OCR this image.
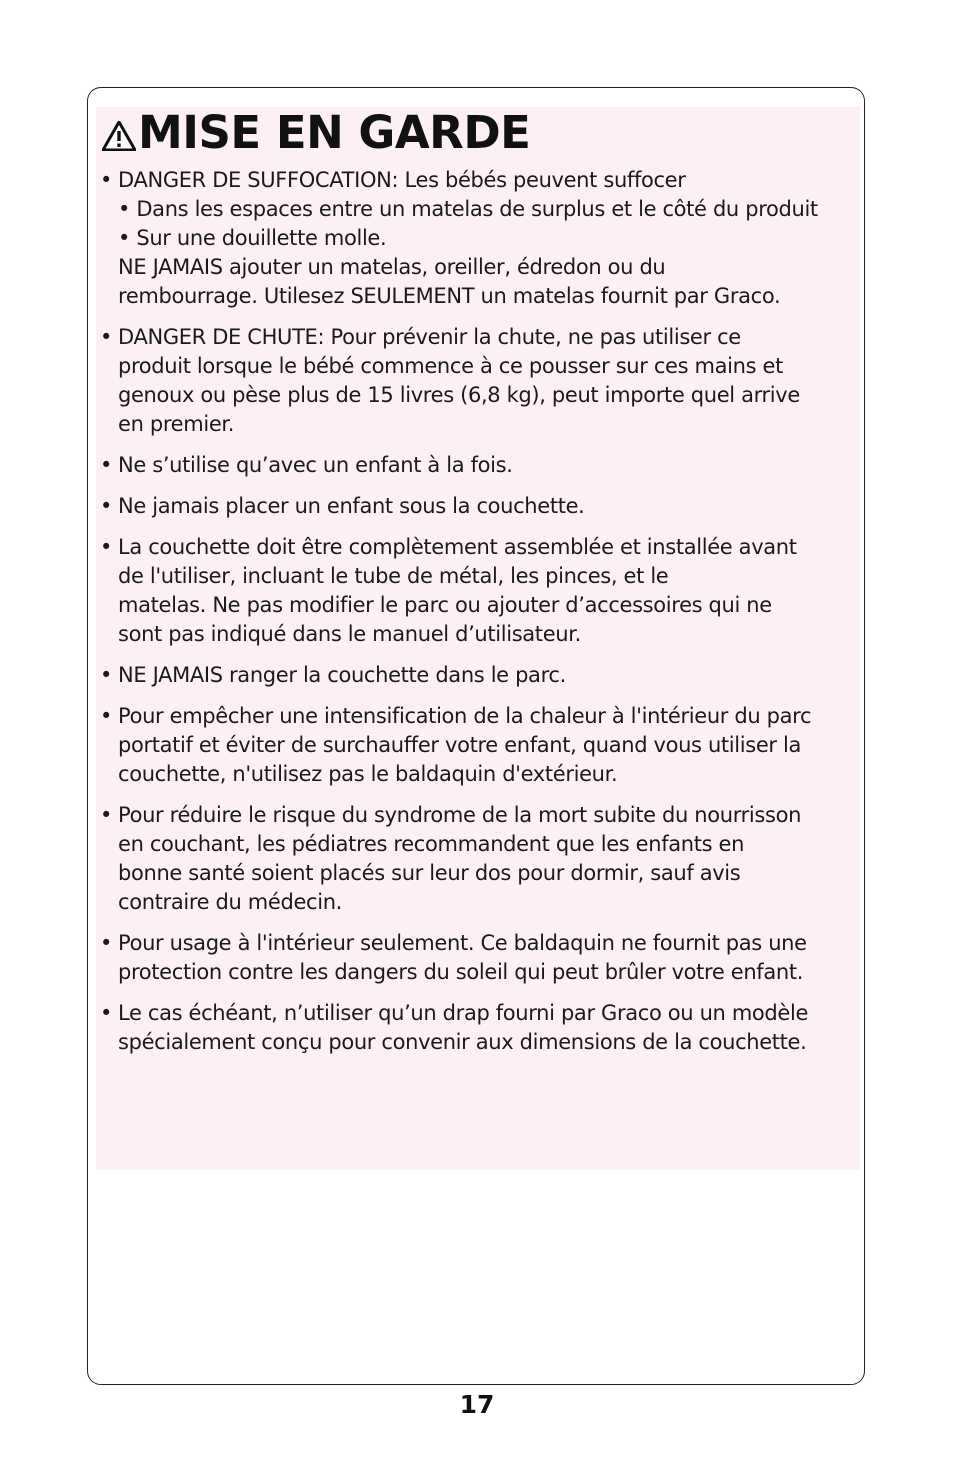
MISE EN GARDE
• DANGER DE SUFFOCATION: Les bébés peuvent suffocer
• Dans les espaces entre un matelas de surplus et le côté du produit
• Sur une douillette molle.
NE JAMAIS ajouter un matelas, oreiller, édredon ou du
rembourrage. Utilesez SEULEMENT un matelas fournit par Graco.
• DANGER DE CHUTE: Pour prévenir la chute, ne pas utiliser ce
produit lorsque le bébé commence à ce pousser sur ces mains et
genoux ou pèse plus de 15 livres (6,8 kg), peut importe quel arrive
en premier.
• Ne s’utilise qu’avec un enfant à la fois.
• Ne jamais placer un enfant sous la couchette.
• La couchette doit être complètement assemblée et installée avant
de l'utiliser, incluant le tube de métal, les pinces, et le
matelas. Ne pas modifier le parc ou ajouter d’accessoires qui ne
sont pas indiqué dans le manuel d’utilisateur.
• NE JAMAIS ranger la couchette dans le parc.
• Pour empêcher une intensification de la chaleur à l'intérieur du parc
portatif et éviter de surchauffer votre enfant, quand vous utiliser la
couchette, n'utilisez pas le baldaquin d'extérieur.
• Pour réduire le risque du syndrome de la mort subite du nourrisson
en couchant, les pédiatres recommandent que les enfants en
bonne santé soient placés sur leur dos pour dormir, sauf avis
contraire du médecin.
• Pour usage à l'intérieur seulement. Ce baldaquin ne fournit pas une
protection contre les dangers du soleil qui peut brûler votre enfant.
• Le cas échéant, n’utiliser qu’un drap fourni par Graco ou un modèle
spécialement conçu pour convenir aux dimensions de la couchette.
17
